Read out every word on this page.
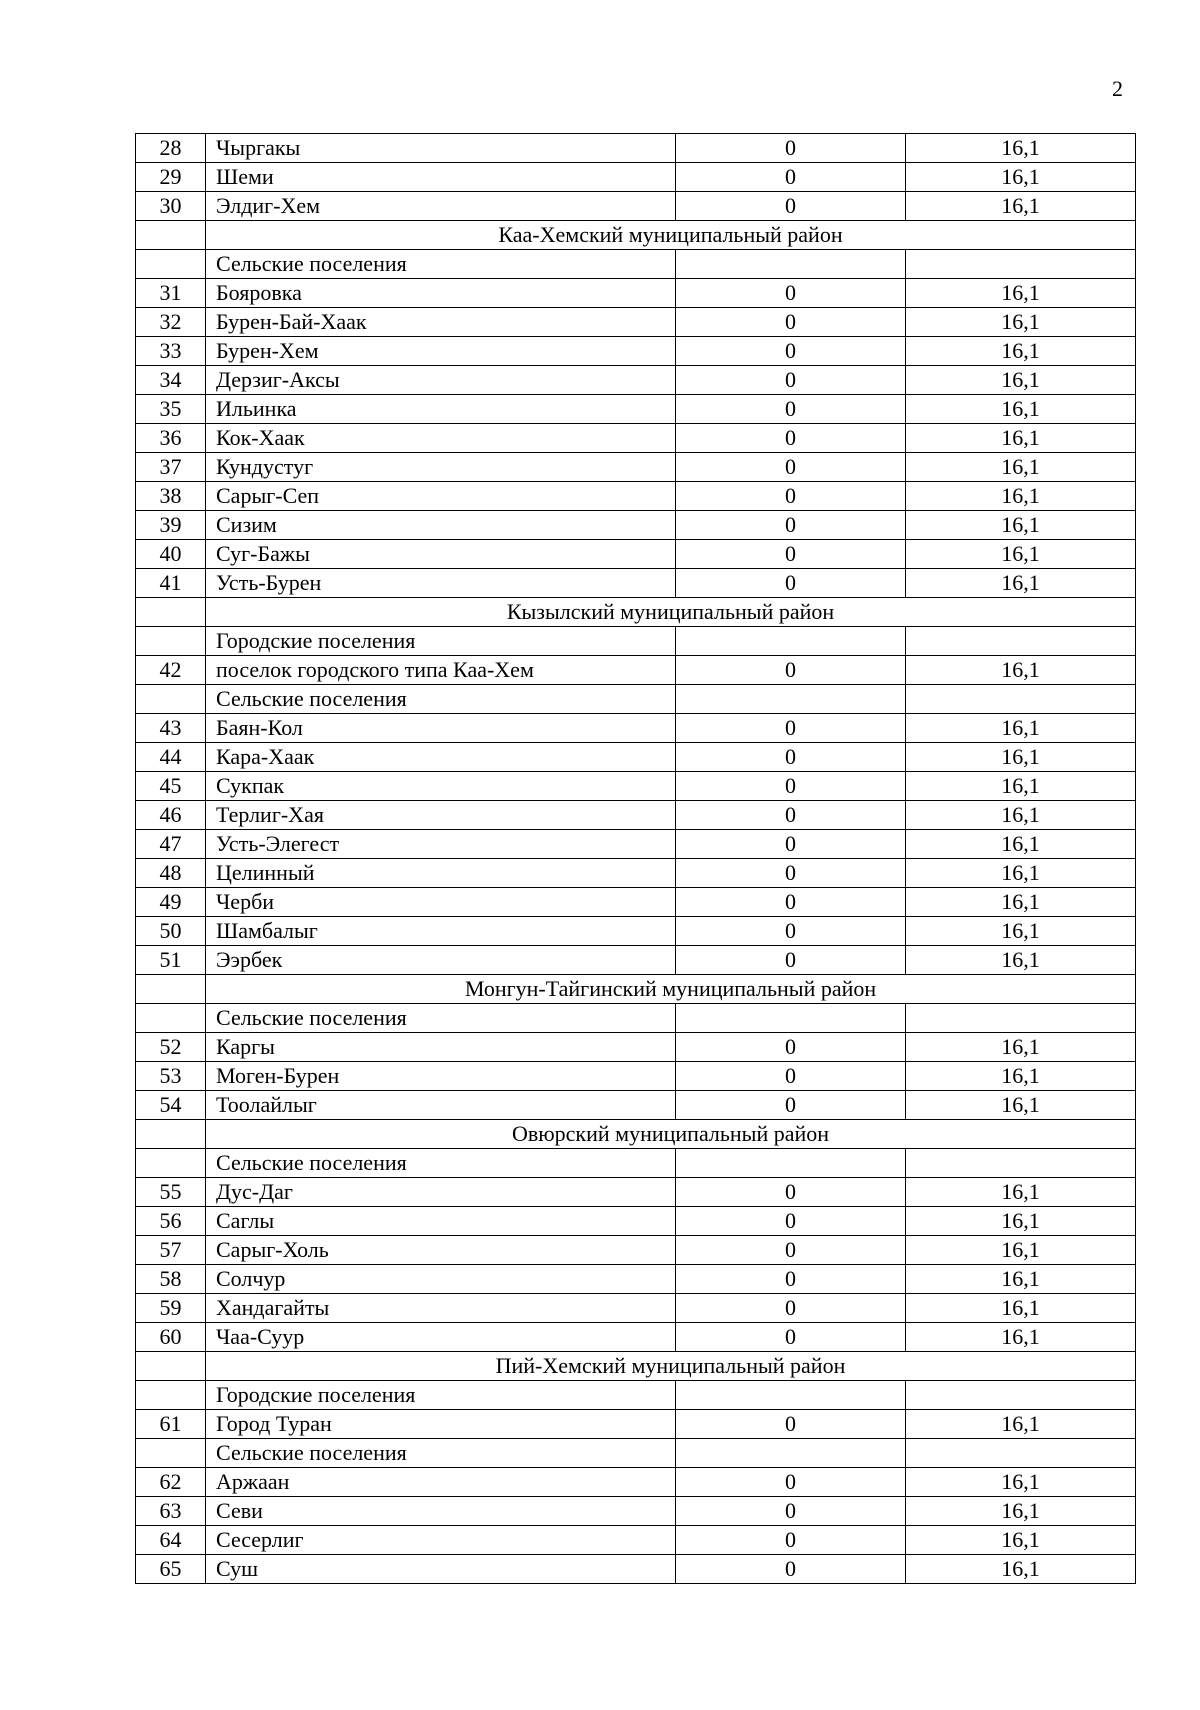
2
28	Чыргакы	0	16,1
29	Шеми	0	16,1
30	Элдиг-Хем	0	16,1
	Каа-Хемский муниципальный район		
	Сельские поселения		
31	Бояровка	0	16,1
32	Бурен-Бай-Хаак	0	16,1
33	Бурен-Хем	0	16,1
34	Дерзиг-Аксы	0	16,1
35	Ильинка	0	16,1
36	Кок-Хаак	0	16,1
37	Кундустуг	0	16,1
38	Сарыг-Сеп	0	16,1
39	Сизим	0	16,1
40	Суг-Бажы	0	16,1
41	Усть-Бурен	0	16,1
	Кызылский муниципальный район		
	Городские поселения		
42	поселок городского типа Каа-Хем	0	16,1
	Сельские поселения		
43	Баян-Кол	0	16,1
44	Кара-Хаак	0	16,1
45	Сукпак	0	16,1
46	Терлиг-Хая	0	16,1
47	Усть-Элегест	0	16,1
48	Целинный	0	16,1
49	Черби	0	16,1
50	Шамбалыг	0	16,1
51	Ээрбек	0	16,1
	Монгун-Тайгинский муниципальный район		
	Сельские поселения		
52	Каргы	0	16,1
53	Моген-Бурен	0	16,1
54	Тоолайлыг	0	16,1
	Овюрский муниципальный район		
	Сельские поселения		
55	Дус-Даг	0	16,1
56	Саглы	0	16,1
57	Сарыг-Холь	0	16,1
58	Солчур	0	16,1
59	Хандагайты	0	16,1
60	Чаа-Суур	0	16,1
	Пий-Хемский муниципальный район		
	Городские поселения		
61	Город Туран	0	16,1
	Сельские поселения		
62	Аржаан	0	16,1
63	Севи	0	16,1
64	Сесерлиг	0	16,1
65	Суш	0	16,1
